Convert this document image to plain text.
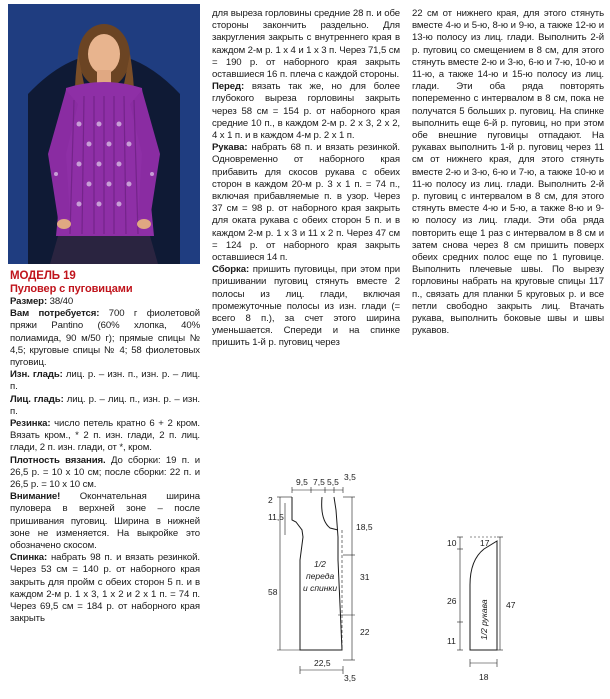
МОДЕЛЬ 19

Пуловер с пуговицами

Размер: 38/40

Вам потребуется: 700 г фиолетовой пряжи Pantino (60% хлопка, 40% полиамида, 90 м/50 г); прямые спицы № 4,5; круговые спицы № 4; 58 фиолетовых пуговиц.

Изн. гладь: лиц. р. – изн. п., изн. р. – лиц. п.

Лиц. гладь: лиц. р. – лиц. п., изн. р. – изн. п.

Резинка: число петель кратно 6 + 2 кром. Вязать кром., * 2 п. изн. глади, 2 п. лиц. глади, 2 п. изн. глади, от *, кром.

Плотность вязания. До сборки: 19 п. и 26,5 р. = 10 х 10 см; после сборки: 22 п. и 26,5 р. = 10 х 10 см.

Внимание! Окончательная ширина пуловера в верхней зоне – после пришивания пуговиц. Ширина в нижней зоне не изменяется. На выкройке это обозначено скосом.

Спинка: набрать 98 п. и вязать резинкой. Через 53 см = 140 р. от наборного края закрыть для пройм с обеих сторон 5 п. и в каждом 2-м р. 1 х 3, 1 х 2 и 2 х 1 п. = 74 п. Через 69,5 см = 184 р. от наборного края закрыть

для выреза горловины средние 28 п. и обе стороны закончить раздельно. Для закругления закрыть с внутреннего края в каждом 2-м р. 1 х 4 и 1 х 3 п. Через 71,5 см = 190 р. от наборного края закрыть оставшиеся 16 п. плеча с каждой стороны.

Перед: вязать так же, но для более глубокого выреза горловины закрыть через 58 см = 154 р. от наборного края средние 10 п., в каждом 2-м р. 2 х 3, 2 х 2, 4 х 1 п. и в каждом 4-м р. 2 х 1 п.

Рукава: набрать 68 п. и вязать резинкой. Одновременно от наборного края прибавить для скосов рукава с обеих сторон в каждом 20-м р. 3 х 1 п. = 74 п., включая прибавляемые п. в узор. Через 37 см = 98 р. от наборного края закрыть для оката рукава с обеих сторон 5 п. и в каждом 2-м р. 1 х 3 и 11 х 2 п. Через 47 см = 124 р. от наборного края закрыть оставшиеся 14 п.

Сборка: пришить пуговицы, при этом при пришивании пуговиц стянуть вместе 2 полосы из лиц. глади, включая промежуточные полосы из изн. глади (= всего 8 п.), за счет этого ширина уменьшается. Спереди и на спинке пришить 1-й р. пуговиц через

22 см от нижнего края, для этого стянуть вместе 4-ю и 5-ю, 8-ю и 9-ю, а также 12-ю и 13-ю полосу из лиц. глади. Выполнить 2-й р. пуговиц со смещением в 8 см, для этого стянуть вместе 2-ю и 3-ю, 6-ю и 7-ю, 10-ю и 11-ю, а также 14-ю и 15-ю полосу из лиц. глади. Эти оба ряда повторять попеременно с интервалом в 8 см, пока не получатся 5 больших р. пуговиц. На спинке выполнить еще 6-й р. пуговиц, но при этом обе внешние пуговицы отпадают. На рукавах выполнить 1-й р. пуговиц через 11 см от нижнего края, для этого стянуть вместе 2-ю и 3-ю, 6-ю и 7-ю, а также 10-ю и 11-ю полосу из лиц. глади. Выполнить 2-й р. пуговиц с интервалом в 8 см, для этого стянуть вместе 4-ю и 5-ю, а также 8-ю и 9-ю полосу из лиц. глади. Эти оба ряда повторить еще 1 раз с интервалом в 8 см и затем снова через 8 см пришить поверх обеих средних полос еще по 1 пуговице. Выполнить плечевые швы. По вырезу горловины набрать на круговые спицы 117 п., связать для планки 5 круговых р. и все петли свободно закрыть лиц. Втачать рукава, выполнить боковые швы и швы рукавов.

9,5 7,5 5,5 3,5
2
11,5
58
18,5
31
22
1/2
переда
и спинки
22,5
3,5
17
10
26
11
47
1/2 рукава
18
